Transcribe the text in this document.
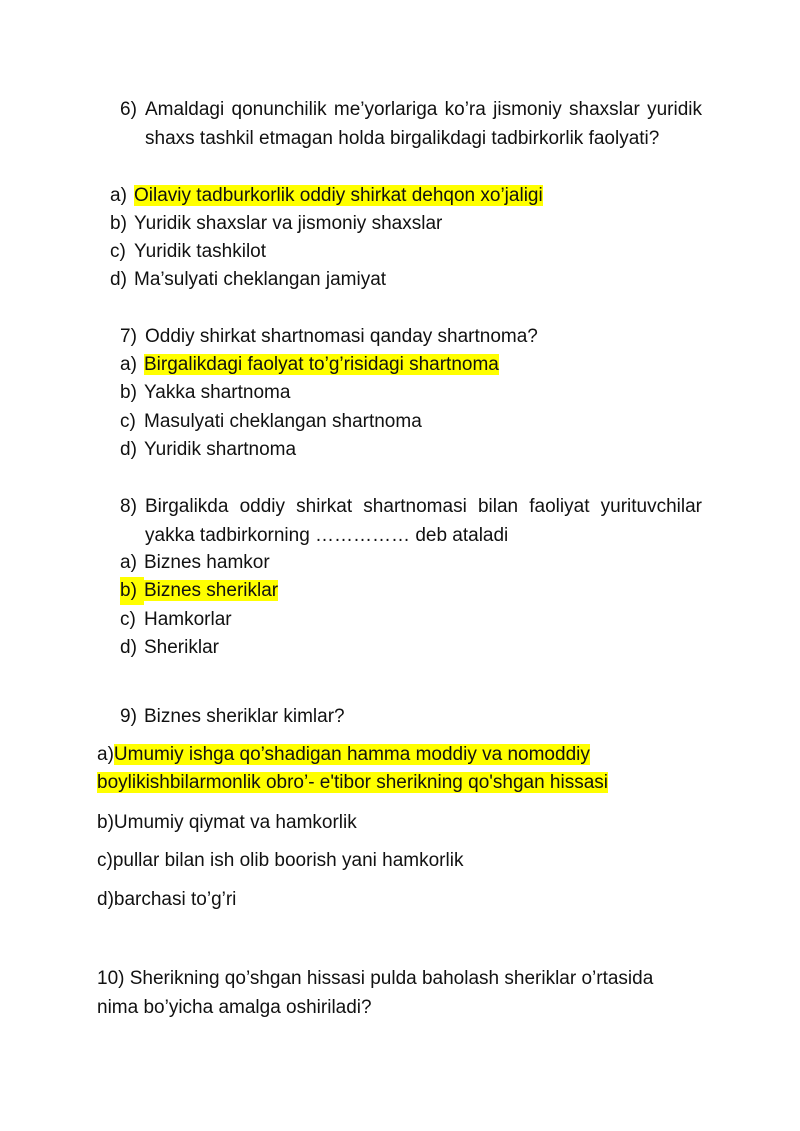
6) Amaldagi qonunchilik me’yorlariga ko’ra jismoniy shaxslar yuridik shaxs tashkil etmagan holda birgalikdagi tadbirkorlik faolyati?
a) Oilaviy tadburkorlik oddiy shirkat dehqon xo’jaligi
b) Yuridik shaxslar va jismoniy shaxslar
c) Yuridik tashkilot
d) Ma’sulyati cheklangan jamiyat
7) Oddiy shirkat shartnomasi qanday shartnoma?
a) Birgalikdagi faolyat to’g’risidagi shartnoma
b) Yakka shartnoma
c) Masulyati cheklangan shartnoma
d) Yuridik shartnoma
8) Birgalikda oddiy shirkat shartnomasi bilan faoliyat yurituvchilar yakka tadbirkorning …………… deb ataladi
a) Biznes hamkor
b) Biznes sheriklar
c) Hamkorlar
d) Sheriklar
9) Biznes sheriklar kimlar?
a)Umumiy ishga qo’shadigan hamma moddiy va nomoddiy
boylikishbilarmonlik obro’- e'tibor sherikning qo'shgan hissasi
b)Umumiy qiymat va hamkorlik
c)pullar bilan ish olib boorish yani hamkorlik
d)barchasi to’g’ri
10) Sherikning qo’shgan hissasi pulda baholash sheriklar o’rtasida
nima bo’yicha amalga oshiriladi?
